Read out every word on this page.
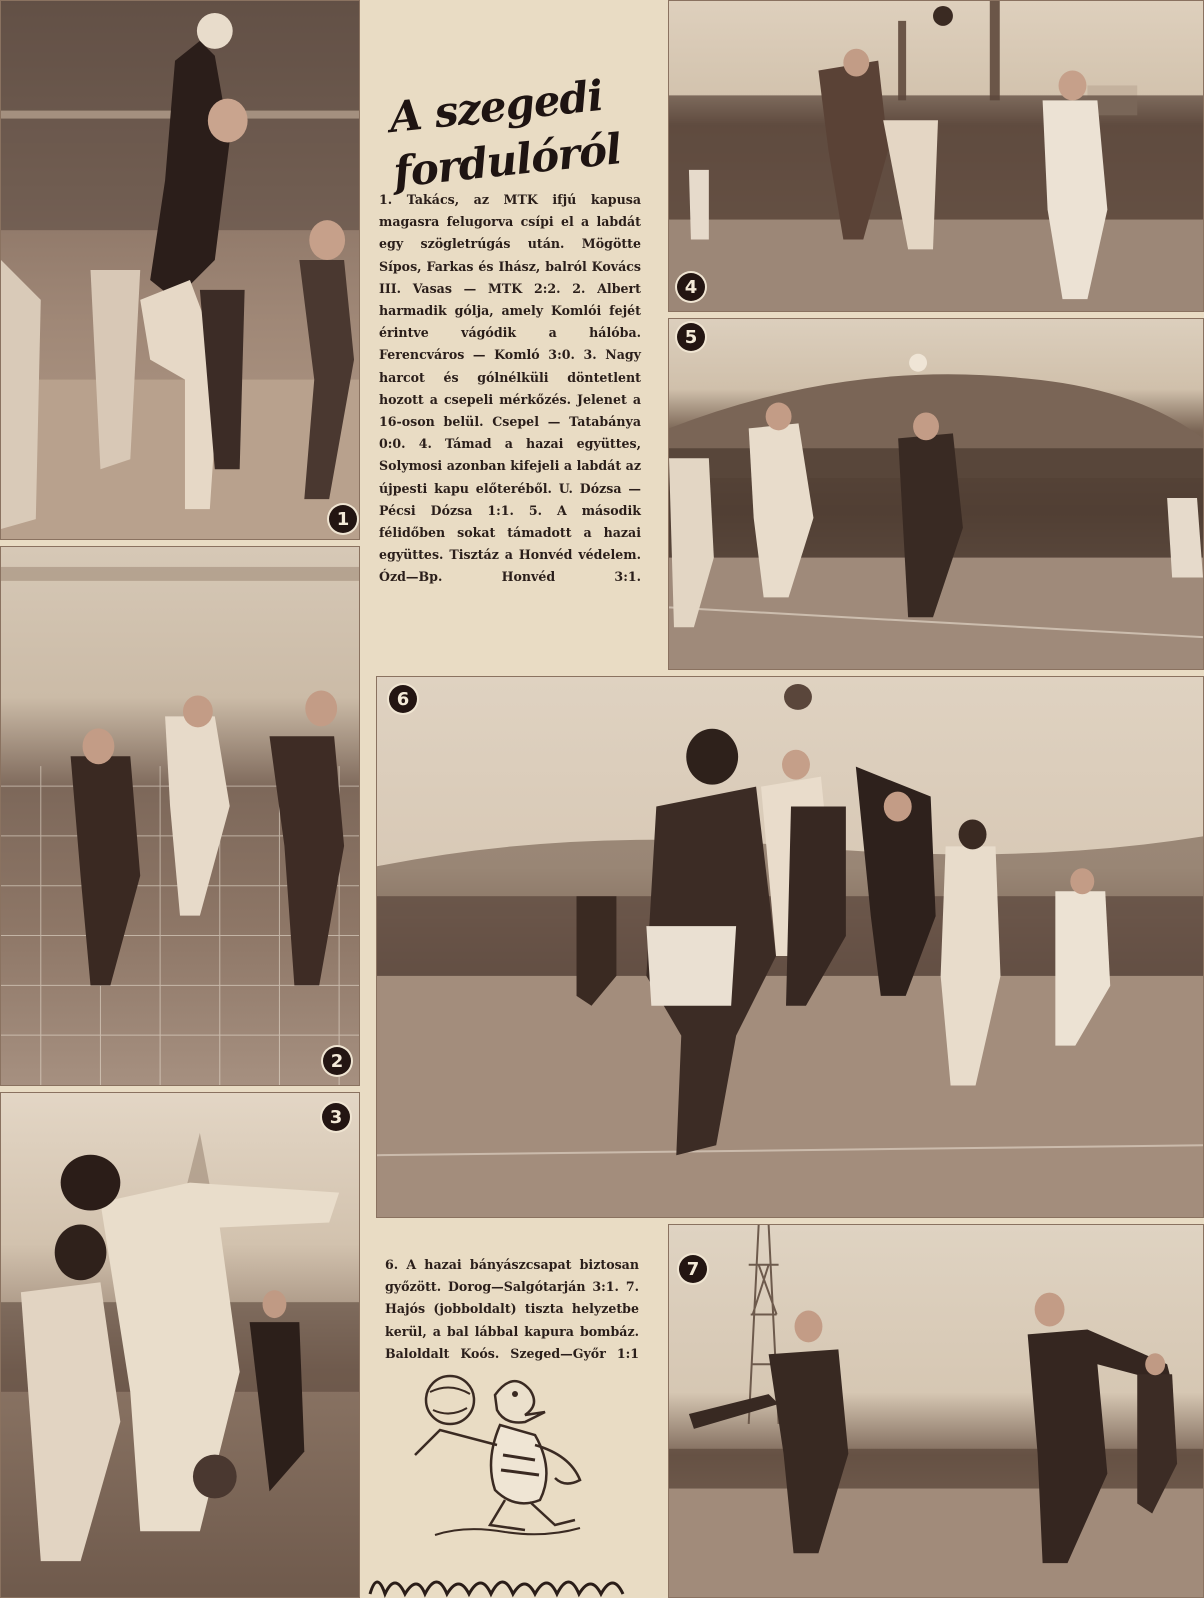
1
2
3
A szegedi
fordulóról
1. Takács, az MTK ifjú kapusa magasra felugorva csípi el a labdát egy szögletrúgás után. Mögötte Sípos, Farkas és Ihász, balról Kovács III. Vasas — MTK 2:2. 2. Albert harmadik gólja, amely Komlói fejét érintve vágódik a hálóba. Ferencváros — Komló 3:0. 3. Nagy harcot és gólnélküli döntetlent hozott a csepeli mérkőzés. Jelenet a 16-oson belül. Csepel — Tatabánya 0:0. 4. Támad a hazai együttes, Solymosi azonban kifejeli a labdát az újpesti kapu előteréből. U. Dózsa — Pécsi Dózsa 1:1. 5. A második félidőben sokat támadott a hazai együttes. Tisztáz a Honvéd védelem. Ózd—Bp. Honvéd 3:1.
4
5
6
6. A hazai bányászcsapat biztosan győzött. Dorog—Salgótarján 3:1. 7. Hajós (jobboldalt) tiszta helyzetbe kerül, a bal lábbal kapura bombáz. Baloldalt Koós. Szeged—Győr 1:1
7
